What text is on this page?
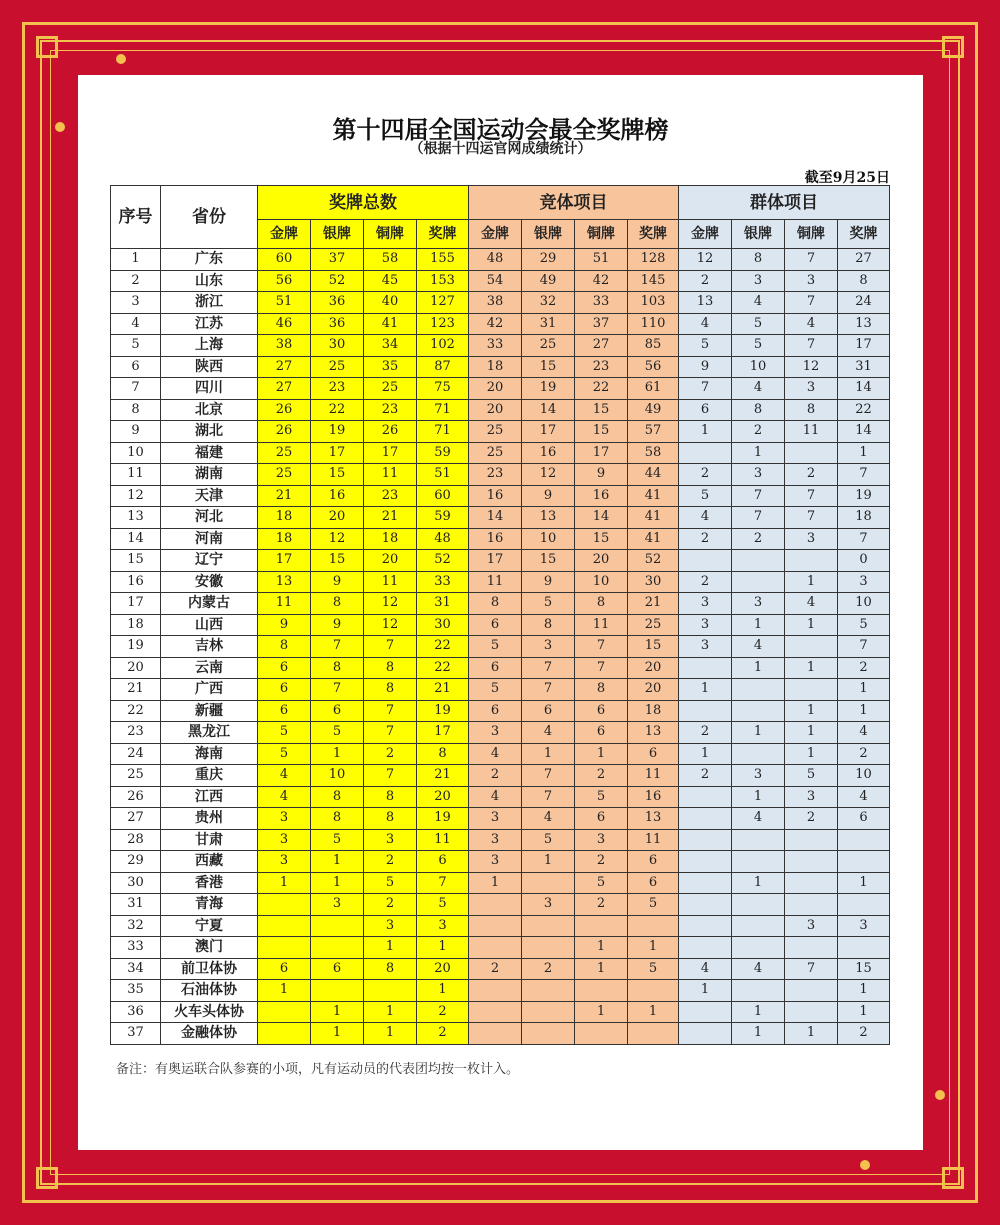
第十四届全国运动会最全奖牌榜
（根据十四运官网成绩统计）
截至9月25日
序号	省份	奖牌总数				竞体项目				群体项目			
		金牌	银牌	铜牌	奖牌	金牌	银牌	铜牌	奖牌	金牌	银牌	铜牌	奖牌
1	广东	60	37	58	155	48	29	51	128	12	8	7	27
2	山东	56	52	45	153	54	49	42	145	2	3	3	8
3	浙江	51	36	40	127	38	32	33	103	13	4	7	24
4	江苏	46	36	41	123	42	31	37	110	4	5	4	13
5	上海	38	30	34	102	33	25	27	85	5	5	7	17
6	陕西	27	25	35	87	18	15	23	56	9	10	12	31
7	四川	27	23	25	75	20	19	22	61	7	4	3	14
8	北京	26	22	23	71	20	14	15	49	6	8	8	22
9	湖北	26	19	26	71	25	17	15	57	1	2	11	14
10	福建	25	17	17	59	25	16	17	58		1		1
11	湖南	25	15	11	51	23	12	9	44	2	3	2	7
12	天津	21	16	23	60	16	9	16	41	5	7	7	19
13	河北	18	20	21	59	14	13	14	41	4	7	7	18
14	河南	18	12	18	48	16	10	15	41	2	2	3	7
15	辽宁	17	15	20	52	17	15	20	52				0
16	安徽	13	9	11	33	11	9	10	30	2		1	3
17	内蒙古	11	8	12	31	8	5	8	21	3	3	4	10
18	山西	9	9	12	30	6	8	11	25	3	1	1	5
19	吉林	8	7	7	22	5	3	7	15	3	4		7
20	云南	6	8	8	22	6	7	7	20		1	1	2
21	广西	6	7	8	21	5	7	8	20	1			1
22	新疆	6	6	7	19	6	6	6	18			1	1
23	黑龙江	5	5	7	17	3	4	6	13	2	1	1	4
24	海南	5	1	2	8	4	1	1	6	1		1	2
25	重庆	4	10	7	21	2	7	2	11	2	3	5	10
26	江西	4	8	8	20	4	7	5	16		1	3	4
27	贵州	3	8	8	19	3	4	6	13		4	2	6
28	甘肃	3	5	3	11	3	5	3	11				
29	西藏	3	1	2	6	3	1	2	6				
30	香港	1	1	5	7	1		5	6		1		1
31	青海		3	2	5		3	2	5				
32	宁夏			3	3							3	3
33	澳门			1	1			1	1				
34	前卫体协	6	6	8	20	2	2	1	5	4	4	7	15
35	石油体协	1			1					1			1
36	火车头体协		1	1	2			1	1		1		1
37	金融体协		1	1	2						1	1	2
备注：有奥运联合队参赛的小项，凡有运动员的代表团均按一枚计入。
